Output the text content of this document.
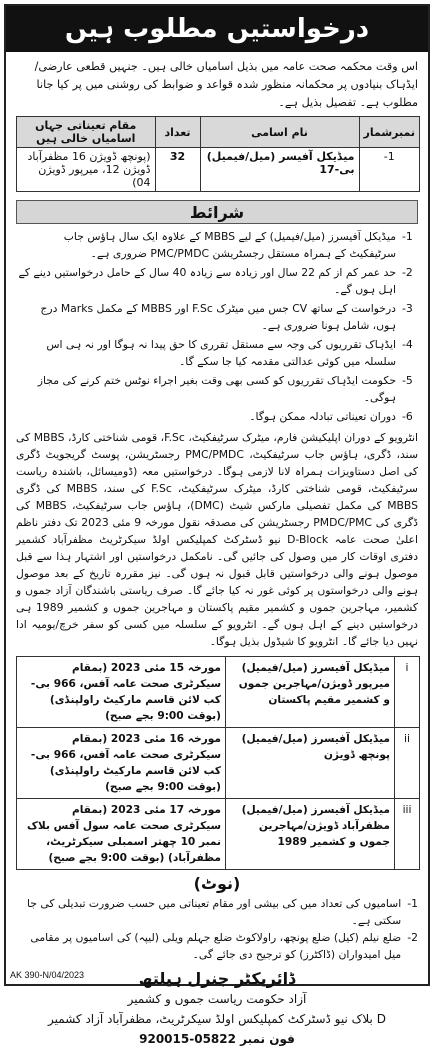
درخواستیں مطلوب ہیں
اس وقت محکمہ صحت عامہ میں بذیل اسامیاں خالی ہیں۔ جنہیں قطعی عارضی/ ایڈہاک بنیادوں پر محکمانہ منظور شدہ قواعد و ضوابط کی روشنی میں پر کیا جانا مطلوب ہے۔ تفصیل بذیل ہے۔
نمبرشمار	نام اسامی	تعداد	مقام تعیناتی جہاں اسامیاں خالی ہیں
1-	میڈیکل آفیسر (میل/فیمیل) بی-17	32	(پونچھ ڈویژن 16 مظفرآباد ڈویژن 12، میرپور ڈویژن 04)
شرائط
1-
میڈیکل آفیسرز (میل/فیمیل) کے لیے MBBS کے علاوہ ایک سال ہاؤس جاب سرٹیفکیٹ کے ہمراہ مستقل رجسٹریشن PMC/PMDC ضروری ہے۔
2-
حد عمر کم از کم 22 سال اور زیادہ سے زیادہ 40 سال کے حامل درخواستیں دینے کے اہل ہوں گے۔
3-
درخواست کے ساتھ CV جس میں میٹرک F.Sc اور MBBS کے مکمل Marks درج ہوں، شامل ہونا ضروری ہے۔
4-
ایڈہاک تقرریوں کی وجہ سے مستقل تقرری کا حق پیدا نہ ہوگا اور نہ ہی اس سلسلہ میں کوئی عدالتی مقدمہ کیا جا سکے گا۔
5-
حکومت ایڈہاک تقرریوں کو کسی بھی وقت بغیر اجراء نوٹس ختم کرنے کی مجاز ہوگی۔
6-
دوران تعیناتی تبادلہ ممکن ہوگا۔
انٹرویو کے دوران اپلیکیشن فارم، میٹرک سرٹیفکیٹ، F.Sc، قومی شناختی کارڈ، MBBS کی سند، ڈگری، ہاؤس جاب سرٹیفکیٹ، PMC/PMDC رجسٹریشن، پوسٹ گریجویٹ ڈگری کی اصل دستاویزات ہمراہ لانا لازمی ہوگا۔ درخواستیں معہ (ڈومیسائل، باشندہ ریاست سرٹیفکیٹ، قومی شناختی کارڈ، میٹرک سرٹیفکیٹ، F.Sc کی سند، MBBS کی ڈگری MBBS کی مکمل تفصیلی مارکس شیٹ (DMC)، ہاؤس جاب سرٹیفکیٹ، MBBS کی ڈگری کی PMDC/PMC رجسٹریشن کی مصدقہ نقول مورخہ 9 مئی 2023 تک دفتر ناظم اعلیٰ صحت عامہ D-Block نیو ڈسٹرکٹ کمپلیکس اولڈ سیکرٹریٹ مظفرآباد کشمیر دفتری اوقات کار میں وصول کی جائیں گی۔ نامکمل درخواستیں اور اشتہار ہذا سے قبل موصول ہونے والی درخواستیں قابل قبول نہ ہوں گی۔ نیز مقررہ تاریخ کے بعد موصول ہونے والی درخواستوں پر کوئی غور نہ کیا جائے گا۔ صرف ریاستی باشندگان آزاد جموں و کشمیر، مہاجرین جموں و کشمیر مقیم پاکستان و مہاجرین جموں و کشمیر 1989 ہی درخواستیں دینے کے اہل ہوں گے۔ انٹرویو کے سلسلہ میں کسی کو سفر خرچ/یومیہ ادا نہیں دیا جائے گا۔ انٹرویو کا شیڈول بذیل ہوگا۔
i	میڈیکل آفیسرز (میل/فیمیل) میرپور ڈویژن/مہاجرین جموں و کشمیر مقیم پاکستان	مورخہ 15 مئی 2023 (بمقام سیکرٹری صحت عامہ آفس، 966 بی-کب لائن قاسم مارکیٹ راولپنڈی) (بوقت 9:00 بجے صبح)
ii	میڈیکل آفیسرز (میل/فیمیل) پونچھ ڈویژن	مورخہ 16 مئی 2023 (بمقام سیکرٹری صحت عامہ آفس، 966 بی-کب لائن قاسم مارکیٹ راولپنڈی) (بوقت 9:00 بجے صبح)
iii	میڈیکل آفیسرز (میل/فیمیل) مظفرآباد ڈویژن/مہاجرین جموں و کشمیر 1989	مورخہ 17 مئی 2023 (بمقام سیکرٹری صحت عامہ سول آفس بلاک نمبر 10 چھتر اسمبلی سیکرٹریٹ، مظفرآباد) (بوقت 9:00 بجے صبح)
(نوٹ)
1-
اسامیوں کی تعداد میں کی بیشی اور مقام تعیناتی میں حسب ضرورت تبدیلی کی جا سکتی ہے۔
2-
ضلع نیلم (کیل) ضلع پونچھ، راولاکوٹ ضلع جہلم ویلی (لیپہ) کی اسامیوں پر مقامی میل امیدواران (ڈاکٹرز) کو ترجیح دی جائے گی۔
ڈائریکٹر جنرل ہیلتھ
آزاد حکومت ریاست جموں و کشمیر
D بلاک نیو ڈسٹرکٹ کمپلیکس اولڈ سیکرٹریٹ، مظفرآباد آزاد کشمیر
فون نمبر 05822-920015
AK 390-N/04/2023
